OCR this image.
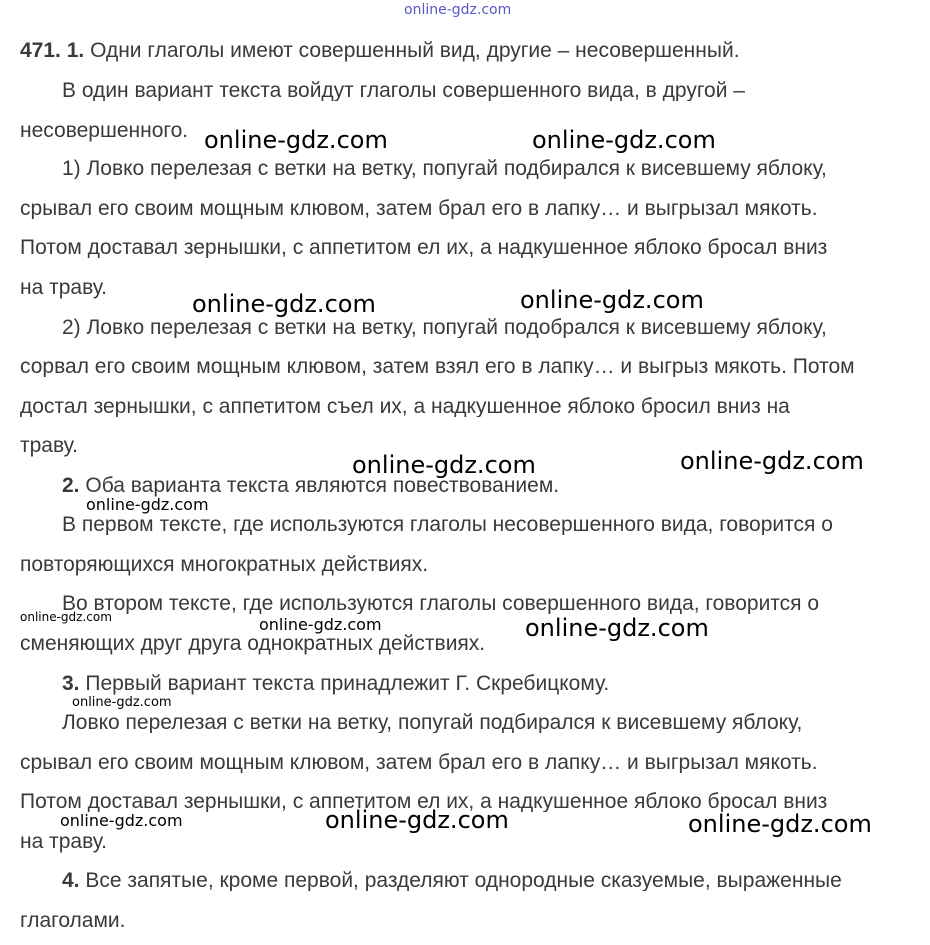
online-gdz.com
471. 1. Одни глаголы имеют совершенный вид, другие – несовершенный.
В один вариант текста войдут глаголы совершенного вида, в другой –
несовершенного.
1) Ловко перелезая с ветки на ветку, попугай подбирался к висевшему яблоку,
срывал его своим мощным клювом, затем брал его в лапку… и выгрызал мякоть.
Потом доставал зернышки, с аппетитом ел их, а надкушенное яблоко бросал вниз
на траву.
2) Ловко перелезая с ветки на ветку, попугай подобрался к висевшему яблоку,
сорвал его своим мощным клювом, затем взял его в лапку… и выгрыз мякоть. Потом
достал зернышки, с аппетитом съел их, а надкушенное яблоко бросил вниз на
траву.
2. Оба варианта текста являются повествованием.
В первом тексте, где используются глаголы несовершенного вида, говорится о
повторяющихся многократных действиях.
Во втором тексте, где используются глаголы совершенного вида, говорится о
сменяющих друг друга однократных действиях.
3. Первый вариант текста принадлежит Г. Скребицкому.
Ловко перелезая с ветки на ветку, попугай подбирался к висевшему яблоку,
срывал его своим мощным клювом, затем брал его в лапку… и выгрызал мякоть.
Потом доставал зернышки, с аппетитом ел их, а надкушенное яблоко бросал вниз
на траву.
4. Все запятые, кроме первой, разделяют однородные сказуемые, выраженные
глаголами.
online-gdz.com	online-gdz.com
online-gdz.com	online-gdz.com
online-gdz.com	online-gdz.com
online-gdz.com
online-gdz.com	online-gdz.com	online-gdz.com
online-gdz.com
online-gdz.com	online-gdz.com	online-gdz.com
